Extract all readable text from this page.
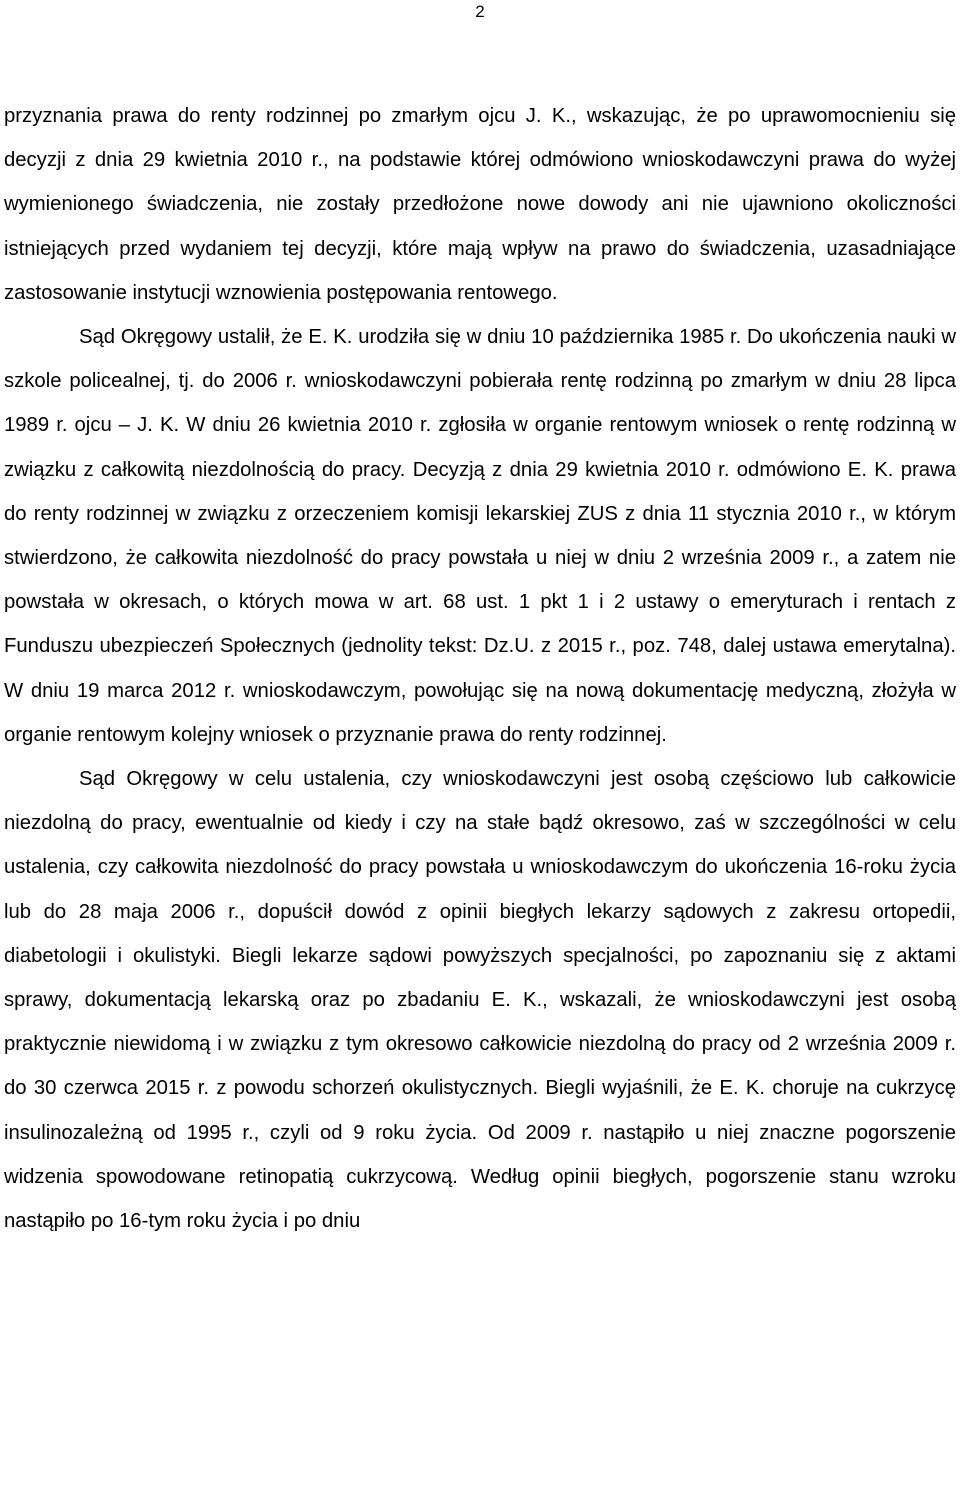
2

przyznania prawa do renty rodzinnej po zmarłym ojcu J. K., wskazując, że po uprawomocnieniu się decyzji z dnia 29 kwietnia 2010 r., na podstawie której odmówiono wnioskodawczyni prawa do wyżej wymienionego świadczenia, nie zostały przedłożone nowe dowody ani nie ujawniono okoliczności istniejących przed wydaniem tej decyzji, które mają wpływ na prawo do świadczenia, uzasadniające zastosowanie instytucji wznowienia postępowania rentowego.

Sąd Okręgowy ustalił, że E. K. urodziła się w dniu 10 października 1985 r. Do ukończenia nauki w szkole policealnej, tj. do 2006 r. wnioskodawczyni pobierała rentę rodzinną po zmarłym w dniu 28 lipca 1989 r. ojcu – J. K. W dniu 26 kwietnia 2010 r. zgłosiła w organie rentowym wniosek o rentę rodzinną w związku z całkowitą niezdolnością do pracy. Decyzją z dnia 29 kwietnia 2010 r. odmówiono E. K. prawa do renty rodzinnej w związku z orzeczeniem komisji lekarskiej ZUS z dnia 11 stycznia 2010 r., w którym stwierdzono, że całkowita niezdolność do pracy powstała u niej w dniu 2 września 2009 r., a zatem nie powstała w okresach, o których mowa w art. 68 ust. 1 pkt 1 i 2 ustawy o emeryturach i rentach z Funduszu ubezpieczeń Społecznych (jednolity tekst: Dz.U. z 2015 r., poz. 748, dalej ustawa emerytalna). W dniu 19 marca 2012 r. wnioskodawczym, powołując się na nową dokumentację medyczną, złożyła w organie rentowym kolejny wniosek o przyznanie prawa do renty rodzinnej.

Sąd Okręgowy w celu ustalenia, czy wnioskodawczyni jest osobą częściowo lub całkowicie niezdolną do pracy, ewentualnie od kiedy i czy na stałe bądź okresowo, zaś w szczególności w celu ustalenia, czy całkowita niezdolność do pracy powstała u wnioskodawczym do ukończenia 16-roku życia lub do 28 maja 2006 r., dopuścił dowód z opinii biegłych lekarzy sądowych z zakresu ortopedii, diabetologii i okulistyki. Biegli lekarze sądowi powyższych specjalności, po zapoznaniu się z aktami sprawy, dokumentacją lekarską oraz po zbadaniu E. K., wskazali, że wnioskodawczyni jest osobą praktycznie niewidomą i w związku z tym okresowo całkowicie niezdolną do pracy od 2 września 2009 r. do 30 czerwca 2015 r. z powodu schorzeń okulistycznych. Biegli wyjaśnili, że E. K. choruje na cukrzycę insulinozależną od 1995 r., czyli od 9 roku życia. Od 2009 r. nastąpiło u niej znaczne pogorszenie widzenia spowodowane retinopatią cukrzycową. Według opinii biegłych, pogorszenie stanu wzroku nastąpiło po 16-tym roku życia i po dniu
